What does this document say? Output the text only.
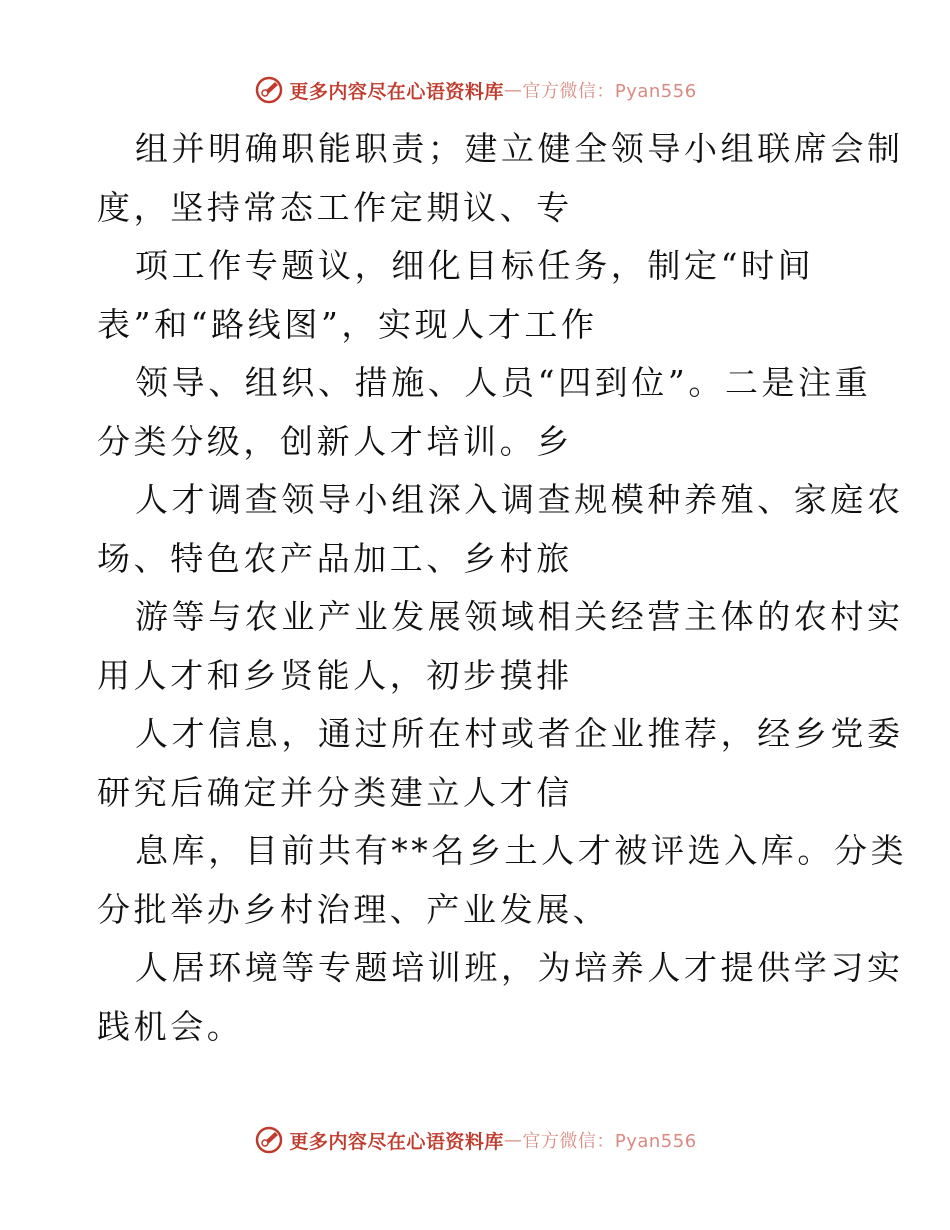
更多内容尽在心语资料库 — 官方微信：Pyan556
组并明确职能职责；建立健全领导小组联席会制
度，坚持常态工作定期议、专
项工作专题议，细化目标任务，制定“时间
表”和“路线图”，实现人才工作
领导、组织、措施、人员“四到位”。二是注重
分类分级，创新人才培训。乡
人才调查领导小组深入调查规模种养殖、家庭农
场、特色农产品加工、乡村旅
游等与农业产业发展领域相关经营主体的农村实
用人才和乡贤能人，初步摸排
人才信息，通过所在村或者企业推荐，经乡党委
研究后确定并分类建立人才信
息库，目前共有**名乡土人才被评选入库。分类
分批举办乡村治理、产业发展、
人居环境等专题培训班，为培养人才提供学习实
践机会。
更多内容尽在心语资料库 — 官方微信：Pyan556
